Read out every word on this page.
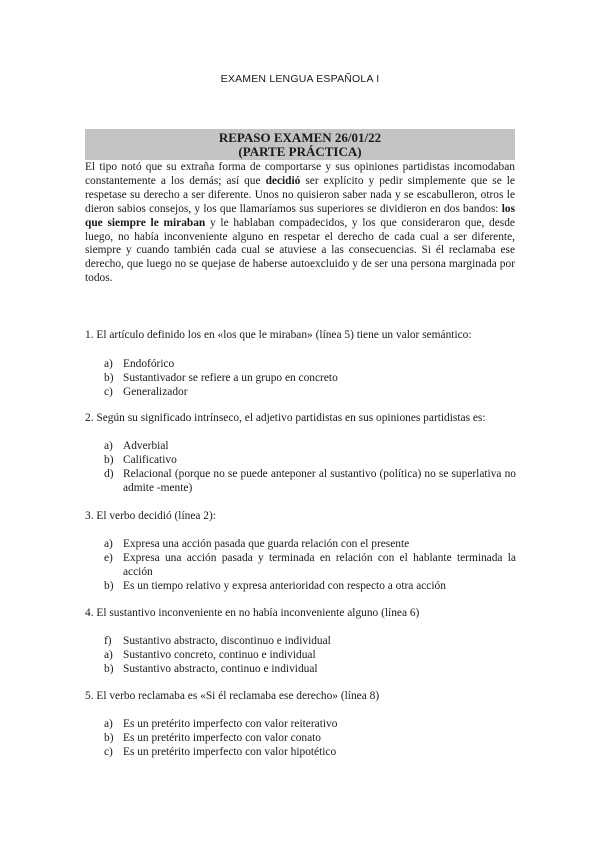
EXAMEN LENGUA ESPAÑOLA I
REPASO EXAMEN 26/01/22
(PARTE PRÁCTICA)
El tipo notó que su extraña forma de comportarse y sus opiniones partidistas incomodaban constantemente a los demás; así que decidió ser explícito y pedir simplemente que se le respetase su derecho a ser diferente. Unos no quisieron saber nada y se escabulleron, otros le dieron sabios consejos, y los que llamaríamos sus superiores se dividieron en dos bandos: los que siempre le miraban y le hablaban compadecidos, y los que consideraron que, desde luego, no había inconveniente alguno en respetar el derecho de cada cual a ser diferente, siempre y cuando también cada cual se atuviese a las consecuencias. Si él reclamaba ese derecho, que luego no se quejase de haberse autoexcluido y de ser una persona marginada por todos.
1. El artículo definido los en «los que le miraban» (línea 5) tiene un valor semántico:
a) Endofórico
b) Sustantivador se refiere a un grupo en concreto
c) Generalizador
2. Según su significado intrínseco, el adjetivo partidistas en sus opiniones partidistas es:
a) Adverbial
b) Calificativo
d) Relacional (porque no se puede anteponer al sustantivo (política) no se superlativa no admite -mente)
3. El verbo decidió (línea 2):
a) Expresa una acción pasada que guarda relación con el presente
e) Expresa una acción pasada y terminada en relación con el hablante terminada la acción
b) Es un tiempo relativo y expresa anterioridad con respecto a otra acción
4. El sustantivo inconveniente en no había inconveniente alguno (línea 6)
f)	Sustantivo abstracto, discontinuo e individual
a) Sustantivo concreto, continuo e individual
b) Sustantivo abstracto, continuo e individual
5. El verbo reclamaba es «Si él reclamaba ese derecho» (línea 8)
a) Es un pretérito imperfecto con valor reiterativo
b) Es un pretérito imperfecto con valor conato
c) Es un pretérito imperfecto con valor hipotético
